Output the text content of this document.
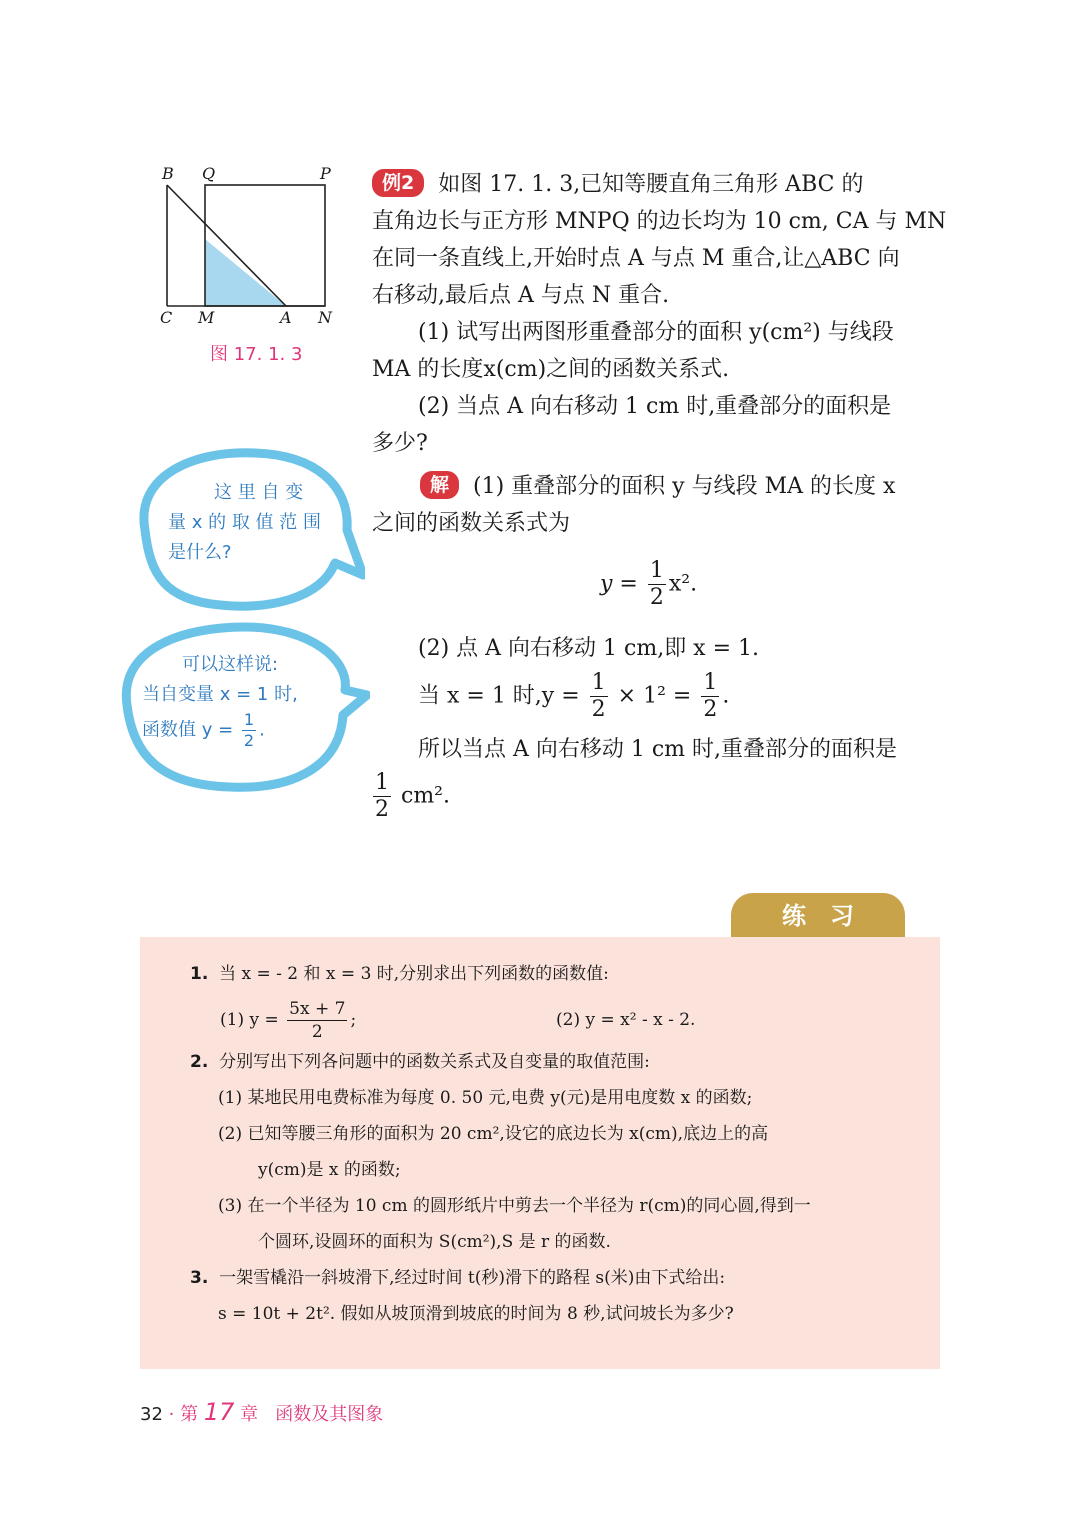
B Q	P
C M	A N
图 17. 1. 3
例2 如图 17. 1. 3,已知等腰直角三角形 ABC 的
直角边长与正方形 MNPQ 的边长均为 10 cm, CA 与 MN
在同一条直线上,开始时点 A 与点 M 重合,让△ABC 向
右移动,最后点 A 与点 N 重合.
(1) 试写出两图形重叠部分的面积 y(cm²) 与线段
MA 的长度x(cm)之间的函数关系式.
(2) 当点 A 向右移动 1 cm 时,重叠部分的面积是
多少?
解 (1) 重叠部分的面积 y 与线段 MA 的长度 x
之间的函数关系式为
$y = \frac{1}{2} x^2$.
(2) 点 A 向右移动 1 cm,即 x = 1.
当 x = 1 时$,y = \frac{1}{2} \times 1^2 = \frac{1}{2}$ .
所以当点 A 向右移动 1 cm 时,重叠部分的面积是
$\frac{1}{2} cm^2$.
这 里 自 变
量 x 的 取 值 范 围
是什么?
可以这样说:
当自变量 x = 1 时,
函数值 $y = \frac{1}{2}$ .
练　习
1. 当 x = - 2 和 x = 3 时,分别求出下列函数的函数值:
(1) $y = \frac{5x + 7}{2}$ ;	(2) y = x² - x - 2.
2. 分别写出下列各问题中的函数关系式及自变量的取值范围:
(1) 某地民用电费标准为每度 0. 50 元,电费 y(元)是用电度数 x 的函数;
(2) 已知等腰三角形的面积为 20 cm²,设它的底边长为 x(cm),底边上的高
y(cm)是 x 的函数;
(3) 在一个半径为 10 cm 的圆形纸片中剪去一个半径为 r(cm)的同心圆,得到一
个圆环,设圆环的面积为 S(cm²),S 是 r 的函数.
3. 一架雪橇沿一斜坡滑下,经过时间 t(秒)滑下的路程 s(米)由下式给出:
s = 10t + 2t². 假如从坡顶滑到坡底的时间为 8 秒,试问坡长为多少?
32 · 第 17 章 函数及其图象
